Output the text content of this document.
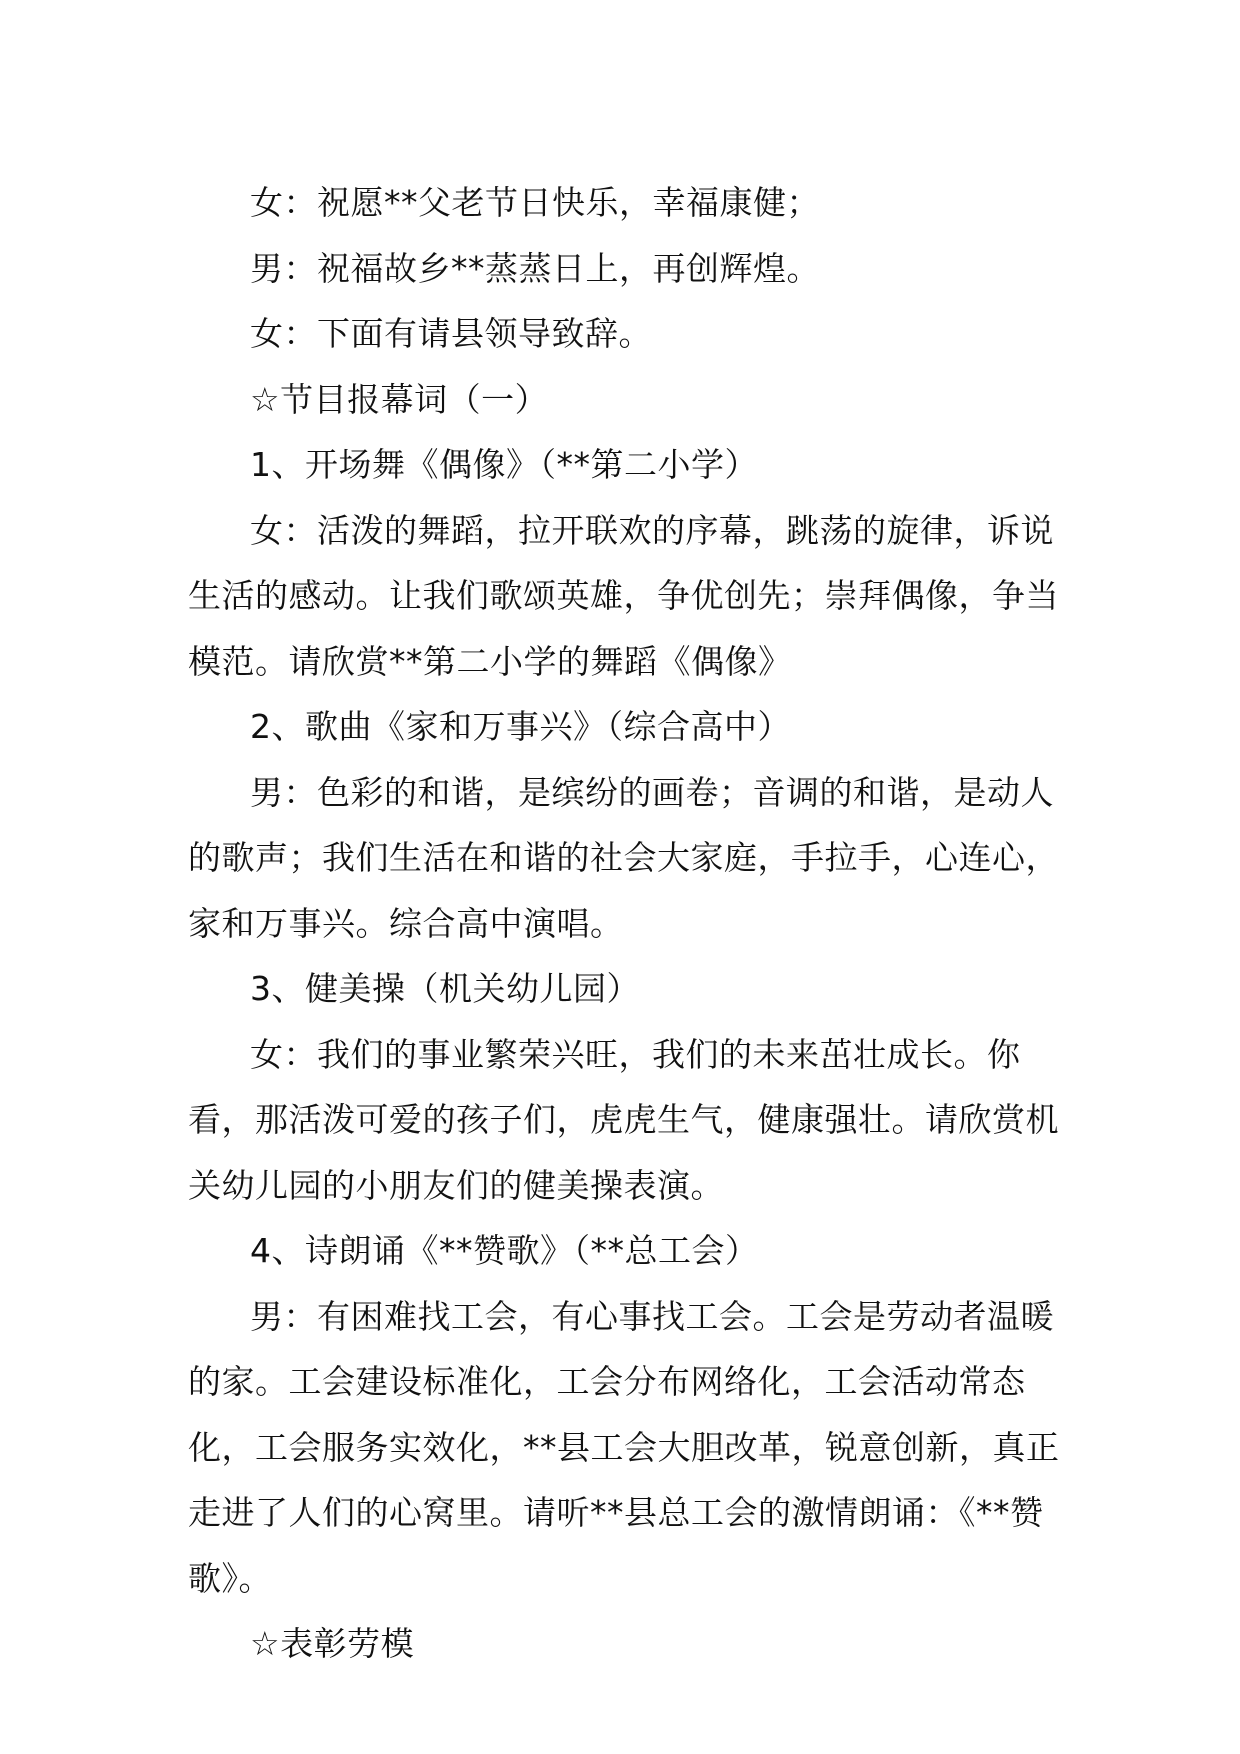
女：祝愿**父老节日快乐，幸福康健；

男：祝福故乡**蒸蒸日上，再创辉煌。

女：下面有请县领导致辞。

☆节目报幕词（一）

1、开场舞《偶像》（**第二小学）

女：活泼的舞蹈，拉开联欢的序幕，跳荡的旋律，诉说生活的感动。让我们歌颂英雄，争优创先；崇拜偶像，争当模范。请欣赏**第二小学的舞蹈《偶像》

2、歌曲《家和万事兴》（综合高中）

男：色彩的和谐，是缤纷的画卷；音调的和谐，是动人的歌声；我们生活在和谐的社会大家庭，手拉手，心连心，家和万事兴。综合高中演唱。

3、健美操（机关幼儿园）

女：我们的事业繁荣兴旺，我们的未来茁壮成长。你看，那活泼可爱的孩子们，虎虎生气，健康强壮。请欣赏机关幼儿园的小朋友们的健美操表演。

4、诗朗诵《**赞歌》（**总工会）

男：有困难找工会，有心事找工会。工会是劳动者温暖的家。工会建设标准化，工会分布网络化，工会活动常态化，工会服务实效化，**县工会大胆改革，锐意创新，真正走进了人们的心窝里。请听**县总工会的激情朗诵：《**赞歌》。

☆表彰劳模
